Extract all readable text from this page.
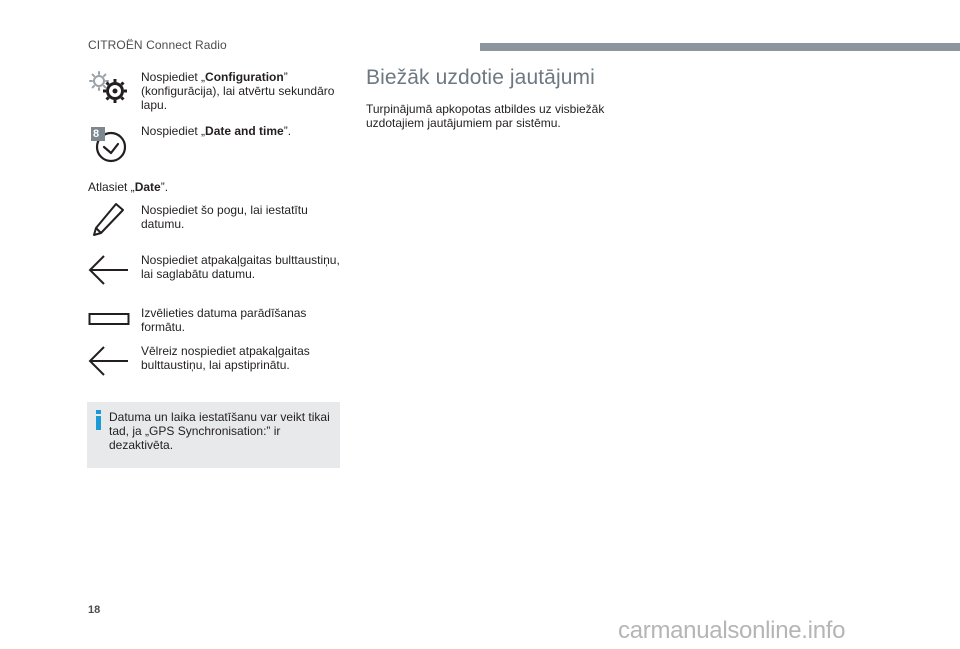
CITROËN Connect Radio
Nospiediet „Configuration” (konfigurācija), lai atvērtu sekundāro lapu.
8	Nospiediet „Date and time”.
Atlasiet „Date”.
Nospiediet šo pogu, lai iestatītu datumu.
Nospiediet atpakaļgaitas bulttaustiņu, lai saglabātu datumu.
Izvēlieties datuma parādīšanas formātu.
Vēlreiz nospiediet atpakaļgaitas bulttaustiņu, lai apstiprinātu.
Datuma un laika iestatīšanu var veikt tikai tad, ja „GPS Synchronisation:” ir dezaktivēta.
Biežāk uzdotie jautājumi
Turpinājumā apkopotas atbildes uz visbiežāk uzdotajiem jautājumiem par sistēmu.
18
carmanualsonline.info
